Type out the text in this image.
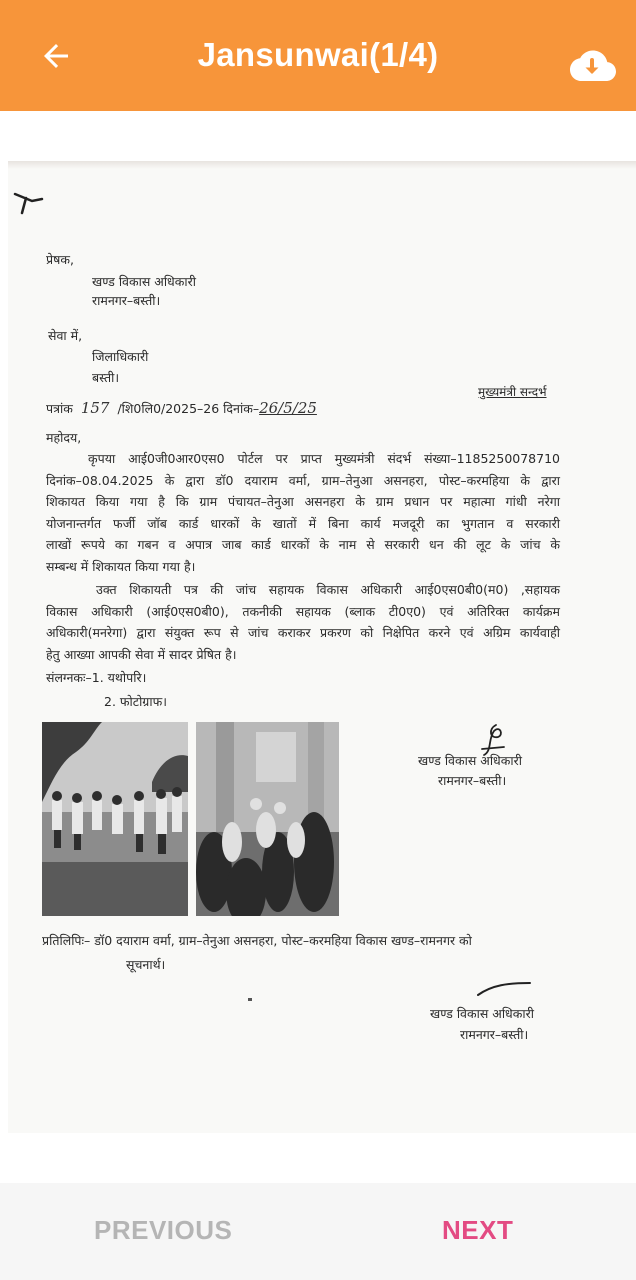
Jansunwai(1/4)
प्रेषक,
खण्ड विकास अधिकारी
रामनगर–बस्ती।
सेवा में,
जिलाधिकारी
बस्ती।
मुख्यमंत्री सन्दर्भ
पत्रांक 157 /शि0लि0/2025–26 दिनांक–26/5/25
महोदय,
कृपया आई0जी0आर0एस0 पोर्टल पर प्राप्त मुख्यमंत्री संदर्भ संख्या–1185250078710
दिनांक–08.04.2025 के द्वारा डॉ0 दयाराम वर्मा, ग्राम–तेनुआ असनहरा, पोस्ट–करमहिया के द्वारा
शिकायत किया गया है कि ग्राम पंचायत–तेनुआ असनहरा के ग्राम प्रधान पर महात्मा गांधी नरेगा
योजनान्तर्गत फर्जी जॉब कार्ड धारकों के खातों में बिना कार्य मजदूरी का भुगतान व सरकारी
लाखों रूपये का गबन व अपात्र जाब कार्ड धारकों के नाम से सरकारी धन की लूट के जांच के
सम्बन्ध में शिकायत किया गया है।
उक्त शिकायती पत्र की जांच सहायक विकास अधिकारी आई0एस0बी0(म0) ,सहायक
विकास अधिकारी (आई0एस0बी0), तकनीकी सहायक (ब्लाक टी0ए0) एवं अतिरिक्त कार्यक्रम
अधिकारी(मनरेगा) द्वारा संयुक्त रूप से जांच कराकर प्रकरण को निक्षेपित करने एवं अग्रिम कार्यवाही
हेतु आख्या आपकी सेवा में सादर प्रेषित है।
संलग्नकः–1. यथोपरि।
2. फोटोग्राफ।
खण्ड विकास अधिकारी
रामनगर–बस्ती।
प्रतिलिपिः– डॉ0 दयाराम वर्मा, ग्राम–तेनुआ असनहरा, पोस्ट–करमहिया विकास खण्ड–रामनगर को
सूचनार्थ।
खण्ड विकास अधिकारी
रामनगर–बस्ती।
PREVIOUS	NEXT
